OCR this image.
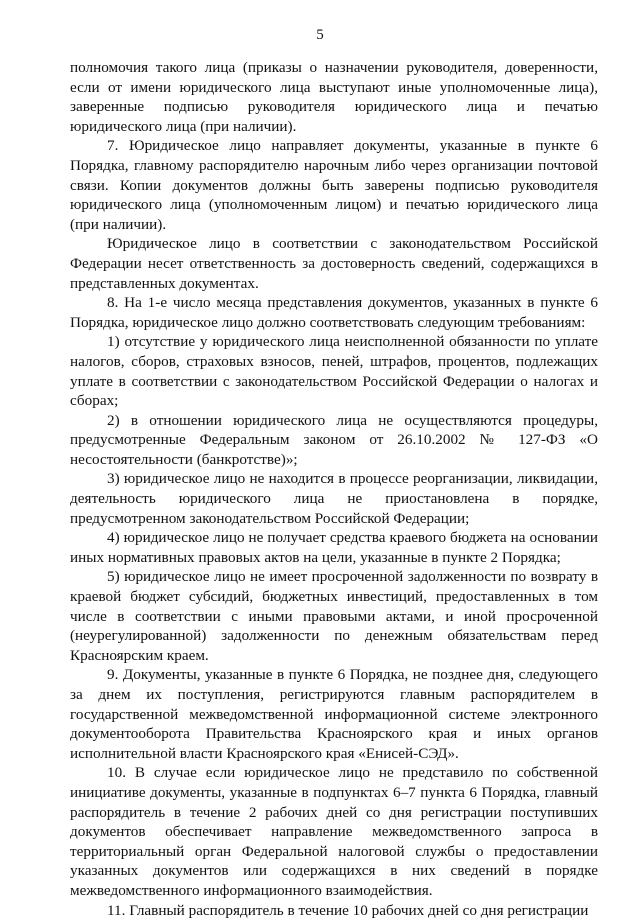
5

полномочия такого лица (приказы о назначении руководителя, доверенности, если от имени юридического лица выступают иные уполномоченные лица), заверенные подписью руководителя юридического лица и печатью юридического лица (при наличии).

7. Юридическое лицо направляет документы, указанные в пункте 6 Порядка, главному распорядителю нарочным либо через организации почтовой связи. Копии документов должны быть заверены подписью руководителя юридического лица (уполномоченным лицом) и печатью юридического лица (при наличии).

Юридическое лицо в соответствии с законодательством Российской Федерации несет ответственность за достоверность сведений, содержащихся в представленных документах.

8. На 1-е число месяца представления документов, указанных в пункте 6 Порядка, юридическое лицо должно соответствовать следующим требованиям:

1) отсутствие у юридического лица неисполненной обязанности по уплате налогов, сборов, страховых взносов, пеней, штрафов, процентов, подлежащих уплате в соответствии с законодательством Российской Федерации о налогах и сборах;

2) в отношении юридического лица не осуществляются процедуры, предусмотренные Федеральным законом от 26.10.2002 № 127-ФЗ «О несостоятельности (банкротстве)»;

3) юридическое лицо не находится в процессе реорганизации, ликвидации, деятельность юридического лица не приостановлена в порядке, предусмотренном законодательством Российской Федерации;

4) юридическое лицо не получает средства краевого бюджета на основании иных нормативных правовых актов на цели, указанные в пункте 2 Порядка;

5) юридическое лицо не имеет просроченной задолженности по возврату в краевой бюджет субсидий, бюджетных инвестиций, предоставленных в том числе в соответствии с иными правовыми актами, и иной просроченной (неурегулированной) задолженности по денежным обязательствам перед Красноярским краем.

9. Документы, указанные в пункте 6 Порядка, не позднее дня, следующего за днем их поступления, регистрируются главным распорядителем в государственной межведомственной информационной системе электронного документооборота Правительства Красноярского края и иных органов исполнительной власти Красноярского края «Енисей-СЭД».

10. В случае если юридическое лицо не представило по собственной инициативе документы, указанные в подпунктах 6–7 пункта 6 Порядка, главный распорядитель в течение 2 рабочих дней со дня регистрации поступивших документов обеспечивает направление межведомственного запроса в территориальный орган Федеральной налоговой службы о предоставлении указанных документов или содержащихся в них сведений в порядке межведомственного информационного взаимодействия.

11. Главный распорядитель в течение 10 рабочих дней со дня регистрации
